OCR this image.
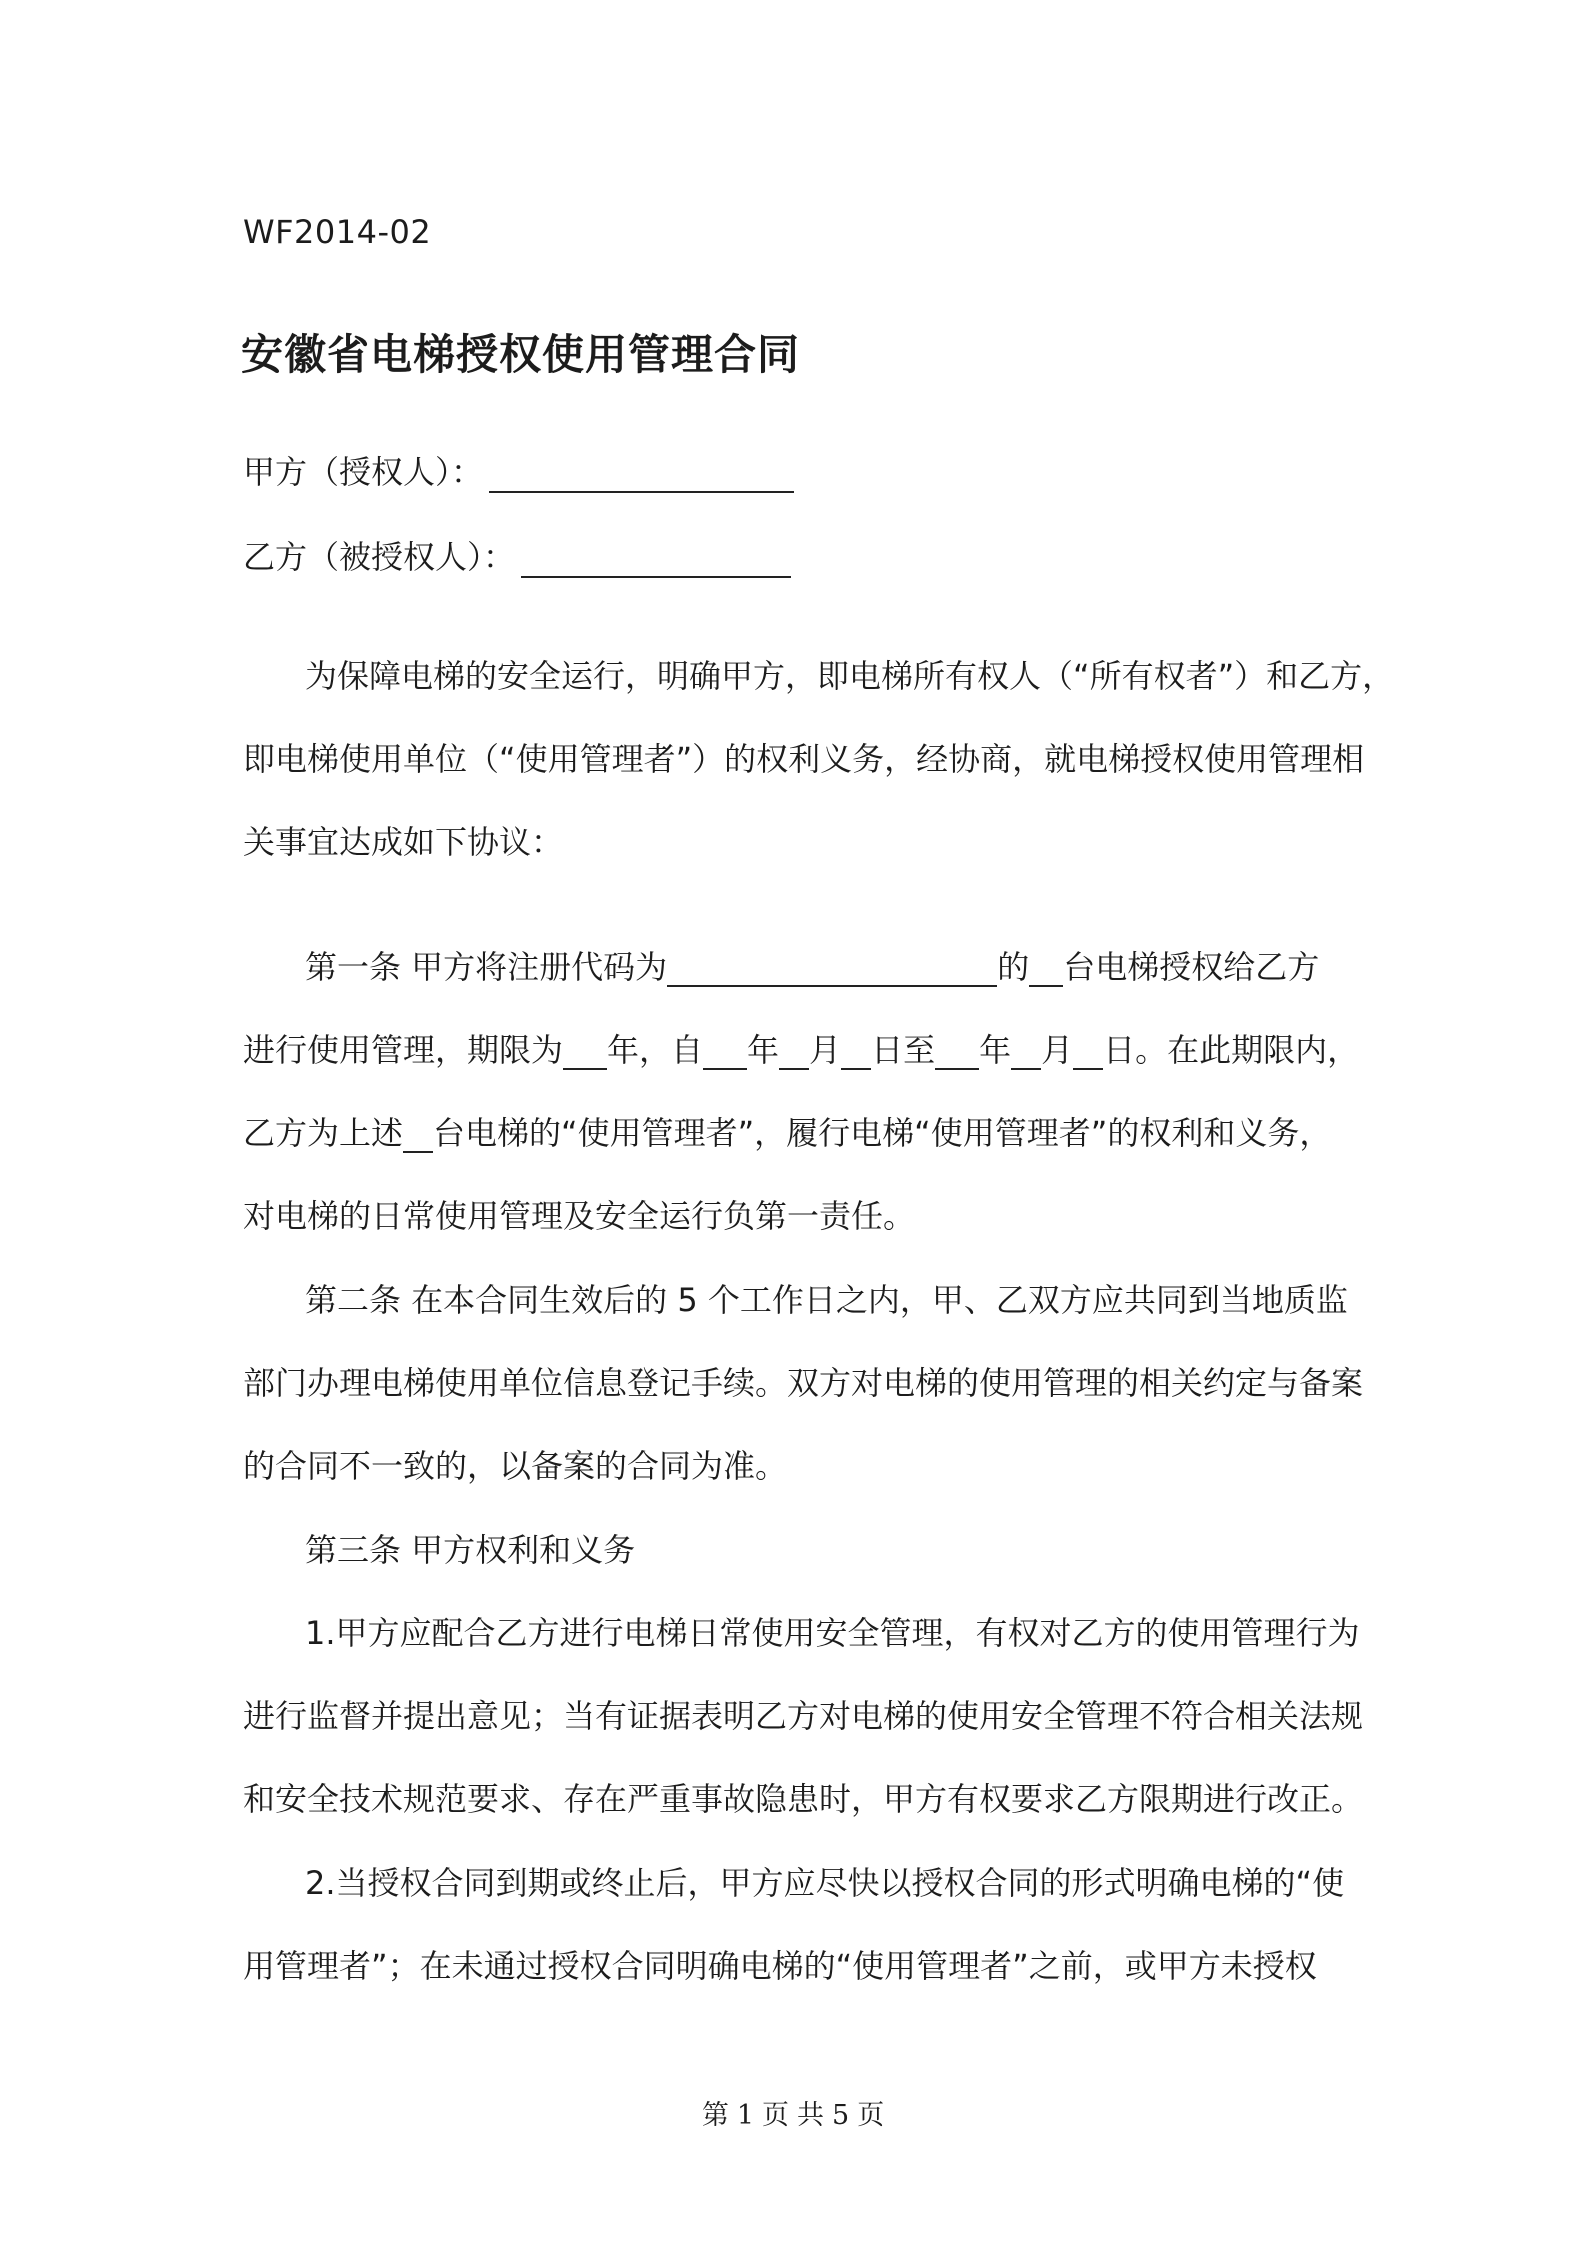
WF2014-02
安徽省电梯授权使用管理合同
甲方（授权人）：
乙方（被授权人）：
为保障电梯的安全运行，明确甲方，即电梯所有权人（“所有权者”）和乙方，
即电梯使用单位（“使用管理者”）的权利义务，经协商，就电梯授权使用管理相
关事宜达成如下协议：
第一条 甲方将注册代码为	的 台电梯授权给乙方
进行使用管理，期限为 年，自 年 月 日至 年 月 日。在此期限内，
乙方为上述 台电梯的“使用管理者”，履行电梯“使用管理者”的权利和义务，
对电梯的日常使用管理及安全运行负第一责任。
第二条 在本合同生效后的 5 个工作日之内，甲、乙双方应共同到当地质监
部门办理电梯使用单位信息登记手续。双方对电梯的使用管理的相关约定与备案
的合同不一致的，以备案的合同为准。
第三条 甲方权利和义务
1.甲方应配合乙方进行电梯日常使用安全管理，有权对乙方的使用管理行为
进行监督并提出意见；当有证据表明乙方对电梯的使用安全管理不符合相关法规
和安全技术规范要求、存在严重事故隐患时，甲方有权要求乙方限期进行改正。
2.当授权合同到期或终止后，甲方应尽快以授权合同的形式明确电梯的“使
用管理者”；在未通过授权合同明确电梯的“使用管理者”之前，或甲方未授权
第 1 页 共 5 页
